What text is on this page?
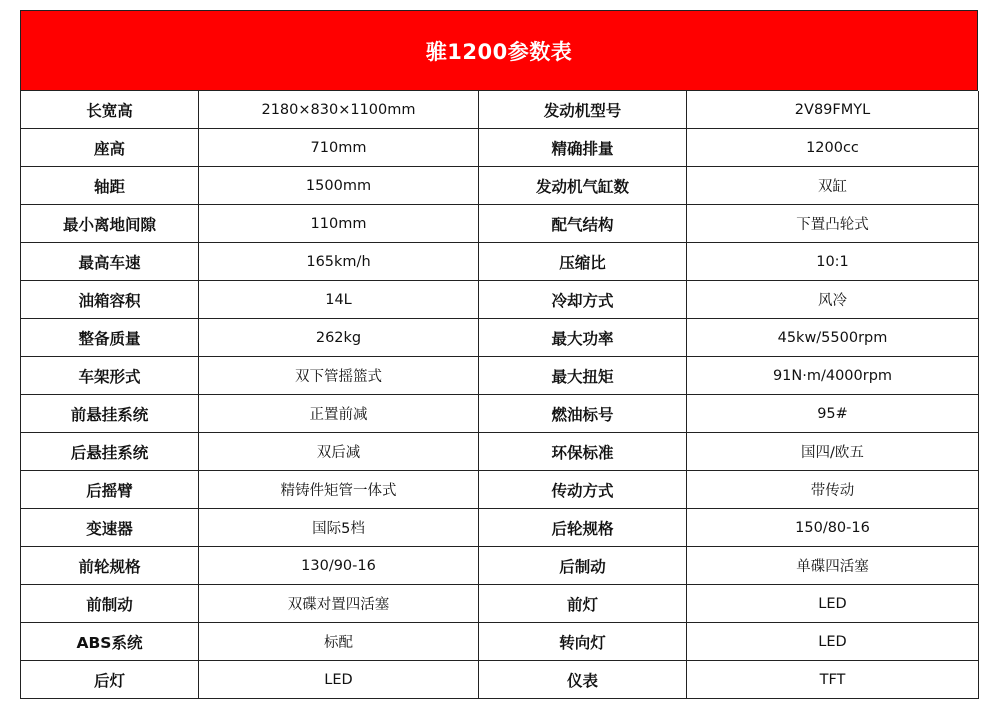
骓1200参数表
长宽高	2180×830×1100mm	发动机型号	2V89FMYL
座高	710mm	精确排量	1200cc
轴距	1500mm	发动机气缸数	双缸
最小离地间隙	110mm	配气结构	下置凸轮式
最高车速	165km/h	压缩比	10:1
油箱容积	14L	冷却方式	风冷
整备质量	262kg	最大功率	45kw/5500rpm
车架形式	双下管摇篮式	最大扭矩	91N·m/4000rpm
前悬挂系统	正置前减	燃油标号	95#
后悬挂系统	双后减	环保标准	国四/欧五
后摇臂	精铸件矩管一体式	传动方式	带传动
变速器	国际5档	后轮规格	150/80-16
前轮规格	130/90-16	后制动	单碟四活塞
前制动	双碟对置四活塞	前灯	LED
ABS系统	标配	转向灯	LED
后灯	LED	仪表	TFT
